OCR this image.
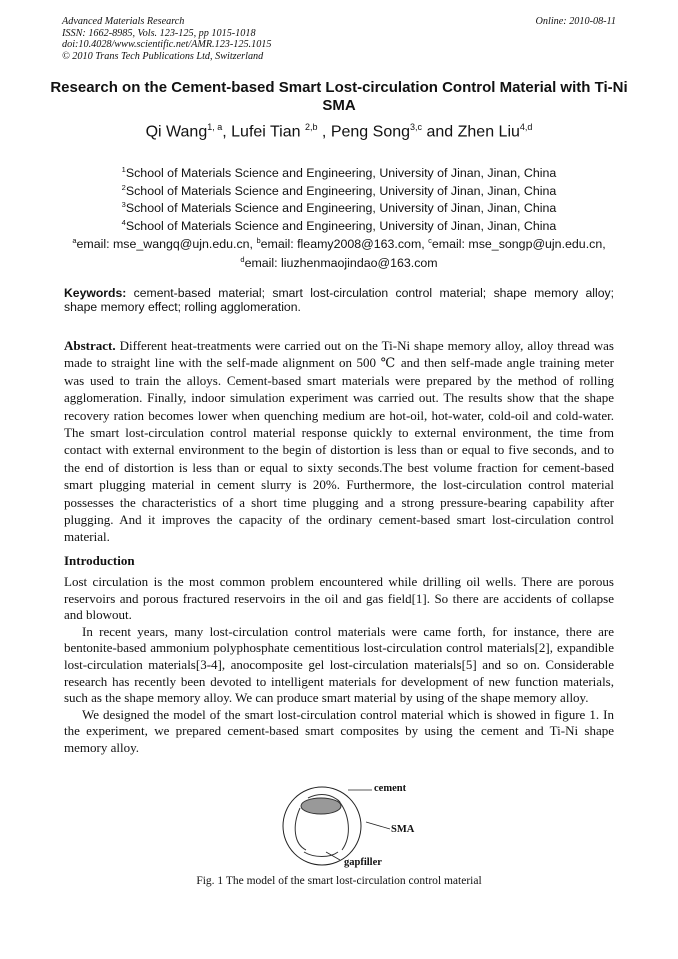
Advanced Materials Research
ISSN: 1662-8985, Vols. 123-125, pp 1015-1018
doi:10.4028/www.scientific.net/AMR.123-125.1015
© 2010 Trans Tech Publications Ltd, Switzerland
Online: 2010-08-11
Research on the Cement-based Smart Lost-circulation Control Material with Ti-Ni SMA
Qi Wang$^{1, a}$, Lufei Tian $^{2,b}$ , Peng Song$^{3,c}$ and Zhen Liu$^{4,d}$
$^1$School of Materials Science and Engineering, University of Jinan, Jinan, China
$^2$School of Materials Science and Engineering, University of Jinan, Jinan, China
$^3$School of Materials Science and Engineering, University of Jinan, Jinan, China
$^4$School of Materials Science and Engineering, University of Jinan, Jinan, China
$^a$email: mse_wangq@ujn.edu.cn, $^b$email: fleamy2008@163.com, $^c$email: mse_songp@ujn.edu.cn,
$^d$email: liuzhenmaojindao@163.com
Keywords: cement-based material; smart lost-circulation control material; shape memory alloy; shape memory effect; rolling agglomeration.
Abstract. Different heat-treatments were carried out on the Ti-Ni shape memory alloy, alloy thread was made to straight line with the self-made alignment on 500 ℃ and then self-made angle training meter was used to train the alloys. Cement-based smart materials were prepared by the method of rolling agglomeration. Finally, indoor simulation experiment was carried out. The results show that the shape recovery ration becomes lower when quenching medium are hot-oil, hot-water, cold-oil and cold-water. The smart lost-circulation control material response quickly to external environment, the time from contact with external environment to the begin of distortion is less than or equal to five seconds, and to the end of distortion is less than or equal to sixty seconds.The best volume fraction for cement-based smart plugging material in cement slurry is 20%. Furthermore, the lost-circulation control material possesses the characteristics of a short time plugging and a strong pressure-bearing capability after plugging. And it improves the capacity of the ordinary cement-based smart lost-circulation control material.
Introduction

Lost circulation is the most common problem encountered while drilling oil wells. There are porous reservoirs and porous fractured reservoirs in the oil and gas field[1]. So there are accidents of collapse and blowout.

In recent years, many lost-circulation control materials were came forth, for instance, there are bentonite-based ammonium polyphosphate cementitious lost-circulation control materials[2], expandible lost-circulation materials[3-4], anocomposite gel lost-circulation materials[5] and so on. Considerable research has recently been devoted to intelligent materials for development of new function materials, such as the shape memory alloy. We can produce smart material by using of the shape memory alloy.

We designed the model of the smart lost-circulation control material which is showed in figure 1. In the experiment, we prepared cement-based smart composites by using the cement and Ti-Ni shape memory alloy.

cement
SMA
gapfiller
Fig. 1 The model of the smart lost-circulation control material
